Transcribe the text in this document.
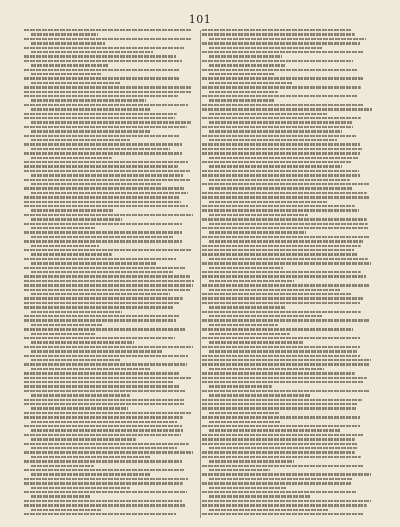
101
